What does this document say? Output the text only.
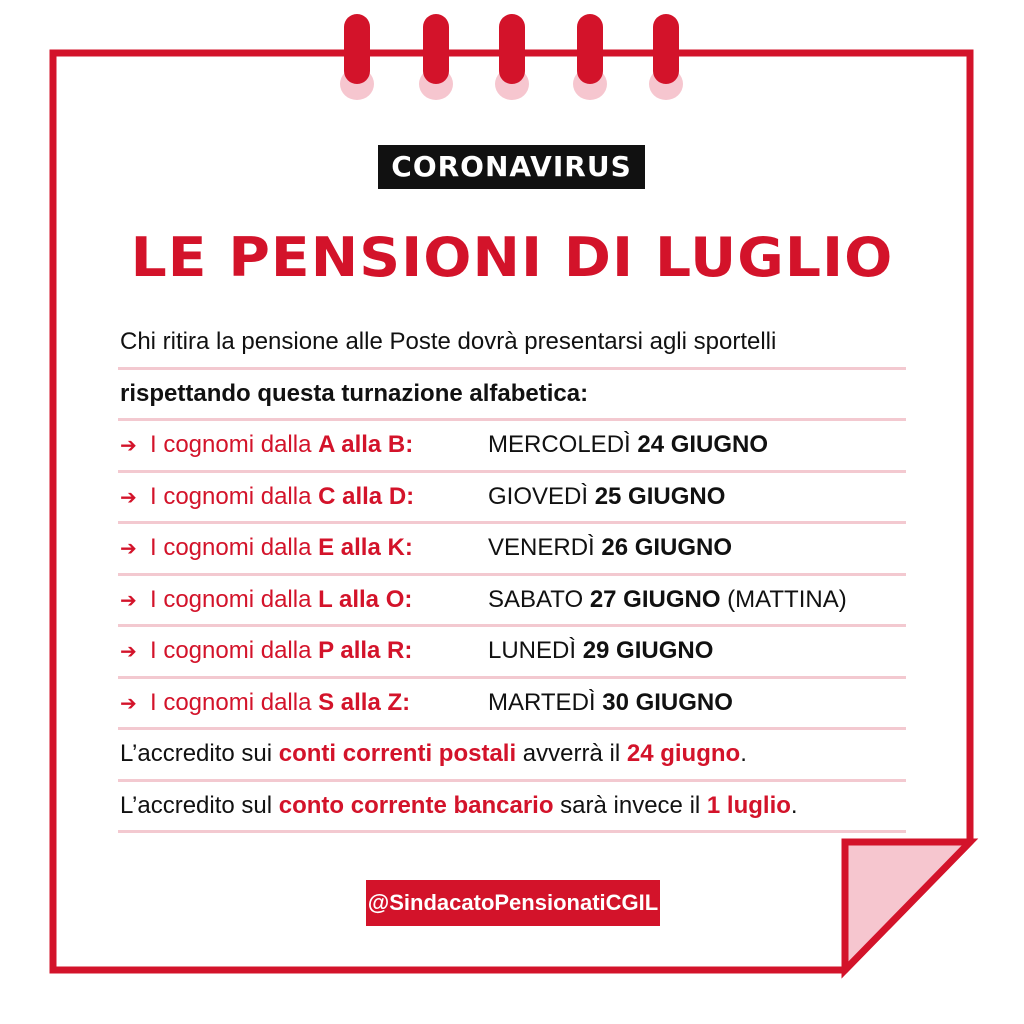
CORONAVIRUS
LE PENSIONI DI LUGLIO
Chi ritira la pensione alle Poste dovrà presentarsi agli sportelli
rispettando questa turnazione alfabetica:
➔ I cognomi dalla A alla B:	MERCOLEDÌ 24 GIUGNO
➔ I cognomi dalla C alla D:	GIOVEDÌ 25 GIUGNO
➔ I cognomi dalla E alla K:	VENERDÌ 26 GIUGNO
➔ I cognomi dalla L alla O:	SABATO 27 GIUGNO (MATTINA)
➔ I cognomi dalla P alla R:	LUNEDÌ 29 GIUGNO
➔ I cognomi dalla S alla Z:	MARTEDÌ 30 GIUGNO
L’accredito sui conti correnti postali avverrà il 24 giugno.
L’accredito sul conto corrente bancario sarà invece il 1 luglio.
@SindacatoPensionatiCGIL
